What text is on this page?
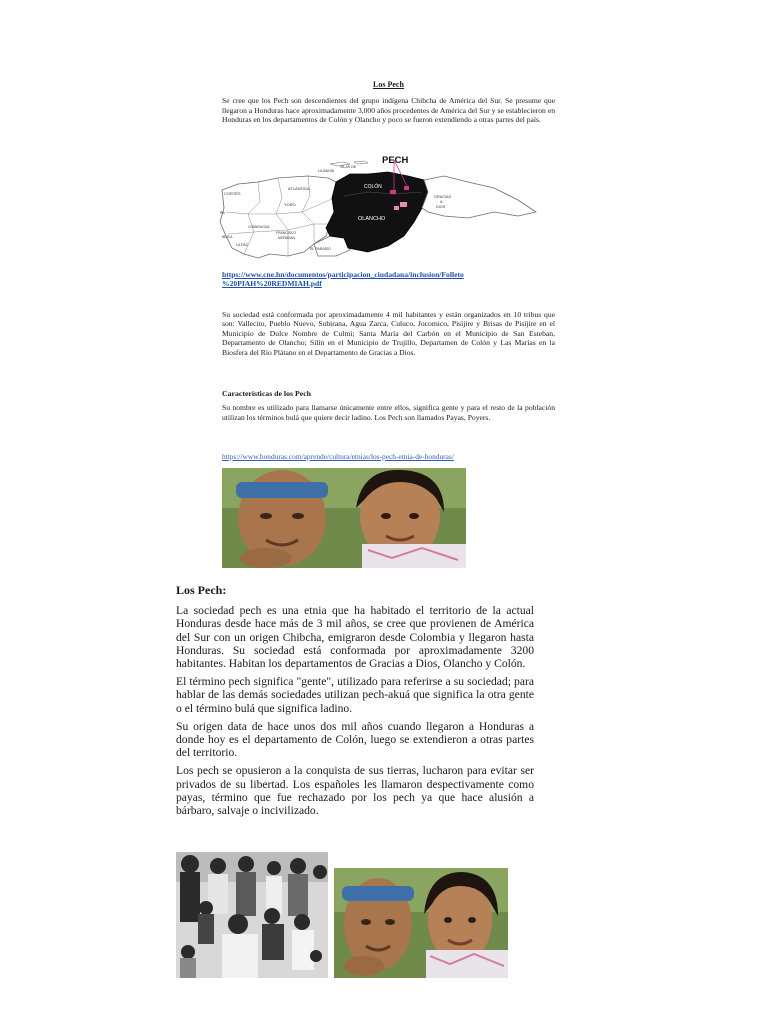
Los Pech

Se cree que los Pech son descendientes del grupo indígena Chibcha de América del Sur. Se presume que llegaron a Honduras hace aproximadamente 3,000 años procedentes de América del Sur y se establecieron en Honduras en los departamentos de Colón y Olancho y poco se fueron extendiendo a otras partes del país.

PECH
ISLAS DE
LA BAHÍA
CORTÉS
ATLÁNTIDA	COLÓN
GRACIAS
A
DIOS
YORO
OLANCHO
COMAYAGUA
FRANCISCO
MORAZÁN
EL PARAÍSO
LA PAZ
IBUCA
RA
https://www.cne.hn/documentos/participacion_ciudadana/inclusion/Folleto
%20PIAH%20REDMIAH.pdf

Su sociedad está conformada por aproximadamente 4 mil habitantes y están organizados en 10 tribus que son: Vallecito, Pueblo Nuevo, Subirana, Agua Zarca, Culuco, Jocomico, Pisijire y Brisas de Pisijire en el Municipio de Dulce Nombre de Culmí; Santa María del Carbón en el Municipio de San Esteban, Departamento de Olancho; Silín en el Municipio de Trujillo, Departamen de Colón y Las Marías en la Biosfera del Río Plátano en el Departamento de Gracias a Dios.

Características de los Pech

Su nombre es utilizado para llamarse únicamente entre ellos, significa gente y para el resto de la población utilizan los términos bulá que quiere decir ladino. Los Pech son llamados Payas, Poyers.

https://www.honduras.com/aprende/cultura/etnias/los-pech-etnia-de-honduras/
Los Pech:

La sociedad pech es una etnia que ha habitado el territorio de la actual Honduras desde hace más de 3 mil años, se cree que provienen de América del Sur con un origen Chibcha, emigraron desde Colombia y llegaron hasta Honduras. Su sociedad está conformada por aproximadamente 3200 habitantes. Habitan los departamentos de Gracias a Dios, Olancho y Colón.

El término pech significa "gente", utilizado para referirse a su sociedad; para hablar de las demás sociedades utilizan pech-akuá que significa la otra gente o el término bulá que significa ladino.

Su origen data de hace unos dos mil años cuando llegaron a Honduras a donde hoy es el departamento de Colón, luego se extendieron a otras partes del territorio.

Los pech se opusieron a la conquista de sus tierras, lucharon para evitar ser privados de su libertad. Los españoles les llamaron despectivamente como payas, término que fue rechazado por los pech ya que hace alusión a bárbaro, salvaje o incivilizado.
